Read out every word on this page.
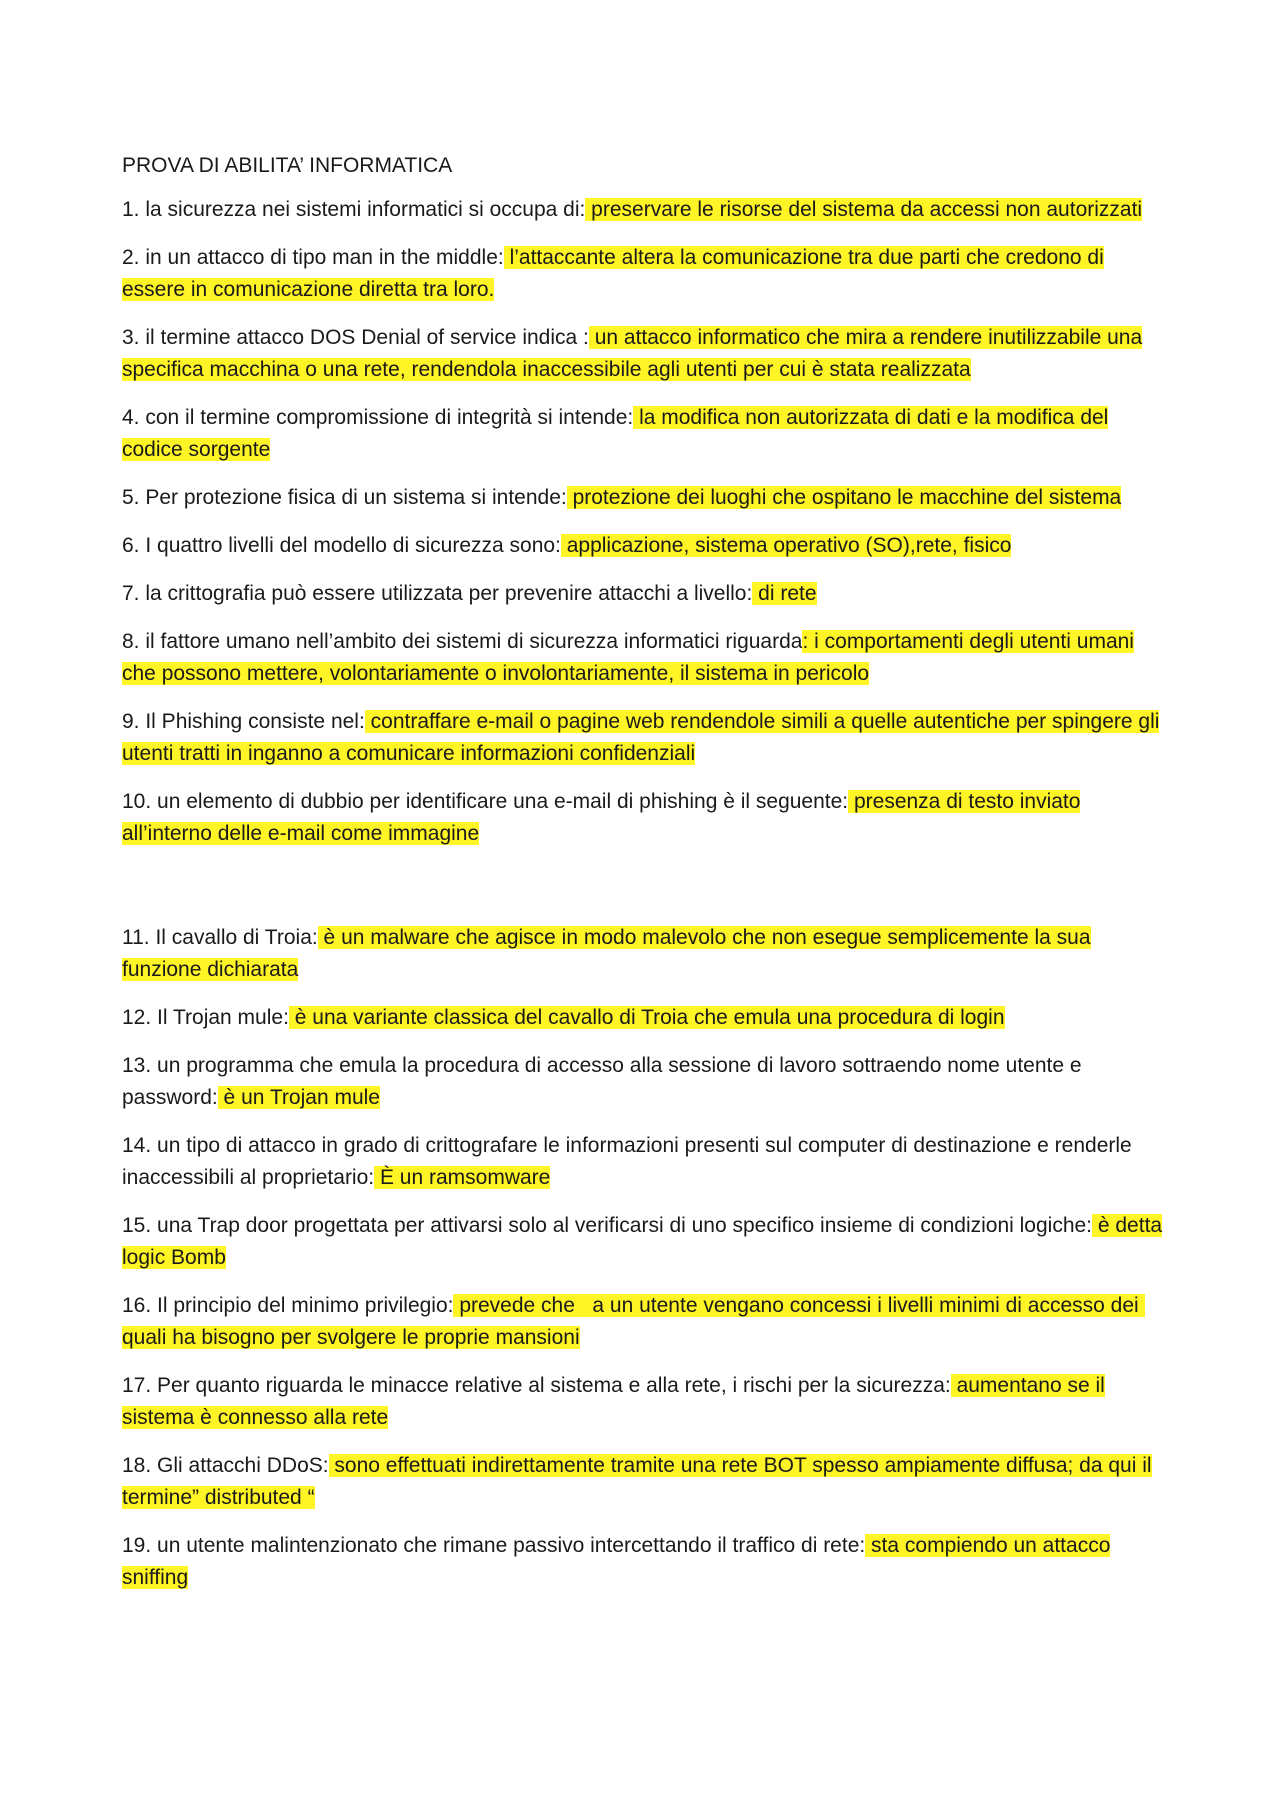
PROVA DI ABILITA’ INFORMATICA
1. la sicurezza nei sistemi informatici si occupa di: preservare le risorse del sistema da accessi non autorizzati
2. in un attacco di tipo man in the middle: l’attaccante altera la comunicazione tra due parti che credono di essere in comunicazione diretta tra loro.
3. il termine attacco DOS Denial of service indica : un attacco informatico che mira a rendere inutilizzabile una specifica macchina o una rete, rendendola inaccessibile agli utenti per cui è stata realizzata
4. con il termine compromissione di integrità si intende: la modifica non autorizzata di dati e la modifica del codice sorgente
5. Per protezione fisica di un sistema si intende: protezione dei luoghi che ospitano le macchine del sistema
6. I quattro livelli del modello di sicurezza sono: applicazione, sistema operativo (SO),rete, fisico
7. la crittografia può essere utilizzata per prevenire attacchi a livello: di rete
8. il fattore umano nell’ambito dei sistemi di sicurezza informatici riguarda: i comportamenti degli utenti umani che possono mettere, volontariamente o involontariamente, il sistema in pericolo
9. Il Phishing consiste nel: contraffare e-mail o pagine web rendendole simili a quelle autentiche per spingere gli utenti tratti in inganno a comunicare informazioni confidenziali
10. un elemento di dubbio per identificare una e-mail di phishing è il seguente: presenza di testo inviato all’interno delle e-mail come immagine
11. Il cavallo di Troia: è un malware che agisce in modo malevolo che non esegue semplicemente la sua funzione dichiarata
12. Il Trojan mule: è una variante classica del cavallo di Troia che emula una procedura di login
13. un programma che emula la procedura di accesso alla sessione di lavoro sottraendo nome utente e password: è un Trojan mule
14. un tipo di attacco in grado di crittografare le informazioni presenti sul computer di destinazione e renderle inaccessibili al proprietario: È un ramsomware
15. una Trap door progettata per attivarsi solo al verificarsi di uno specifico insieme di condizioni logiche: è detta logic Bomb
16. Il principio del minimo privilegio: prevede che   a un utente vengano concessi i livelli minimi di accesso dei quali ha bisogno per svolgere le proprie mansioni
17. Per quanto riguarda le minacce relative al sistema e alla rete, i rischi per la sicurezza: aumentano se il sistema è connesso alla rete
18. Gli attacchi DDoS: sono effettuati indirettamente tramite una rete BOT spesso ampiamente diffusa; da qui il termine” distributed “
19. un utente malintenzionato che rimane passivo intercettando il traffico di rete: sta compiendo un attacco sniffing
